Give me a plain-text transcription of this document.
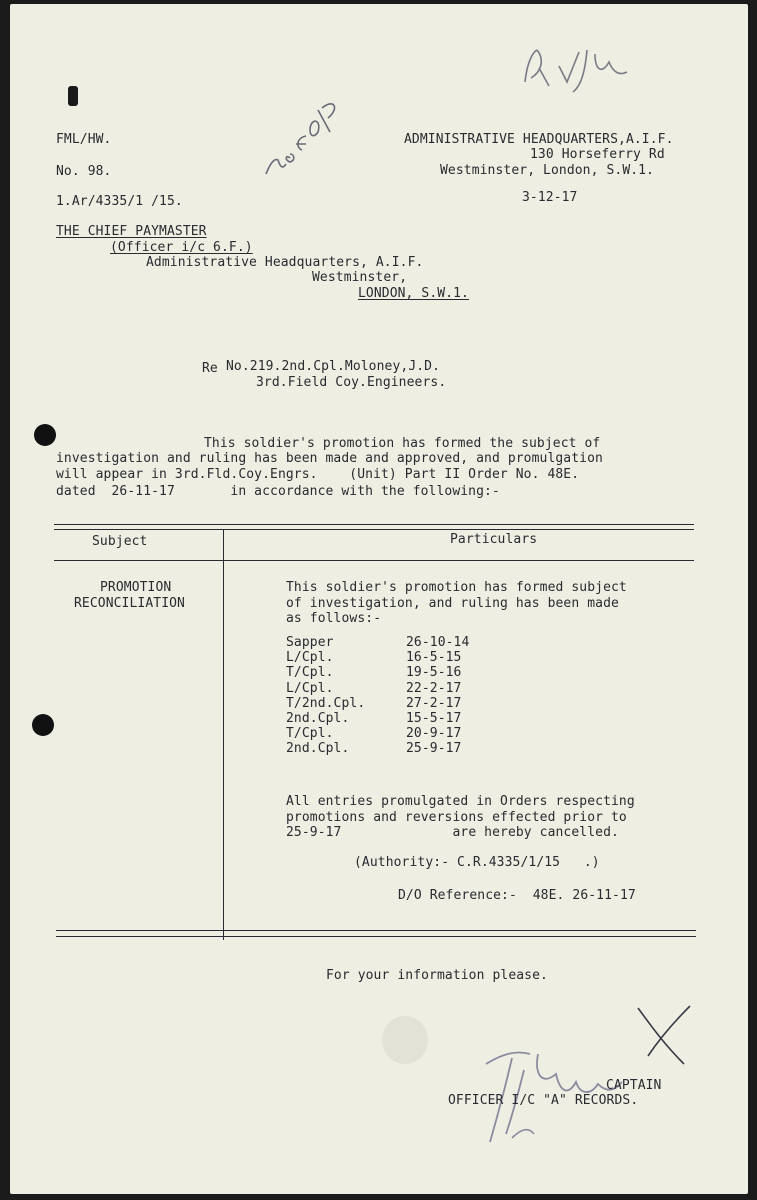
FML/HW.
No. 98.
1.Ar/4335/1 /15.
ADMINISTRATIVE HEADQUARTERS,A.I.F.
130 Horseferry Rd
Westminster, London, S.W.1.
3-12-17
THE CHIEF PAYMASTER
(Officer i/c 6.F.)
Administrative Headquarters, A.I.F.
Westminster,
LONDON, S.W.1.
Re No.219.2nd.Cpl.Moloney,J.D.
3rd.Field Coy.Engineers.
This soldier's promotion has formed the subject of
investigation and ruling has been made and approved, and promulgation
will appear in 3rd.Fld.Coy.Engrs.    (Unit) Part II Order No. 48E.
dated  26-11-17       in accordance with the following:-
Subject	Particulars
PROMOTION
RECONCILIATION
This soldier's promotion has formed subject
of investigation, and ruling has been made
as follows:-
Sapper	26-10-14
L/Cpl.	16-5-15
T/Cpl.	19-5-16
L/Cpl.	22-2-17
T/2nd.Cpl.	27-2-17
2nd.Cpl.	15-5-17
T/Cpl.	20-9-17
2nd.Cpl.	25-9-17
All entries promulgated in Orders respecting
promotions and reversions effected prior to
25-9-17              are hereby cancelled.
(Authority:- C.R.4335/1/15   .)
D/O Reference:-  48E. 26-11-17
For your information please.
CAPTAIN
OFFICER I/C "A" RECORDS.
